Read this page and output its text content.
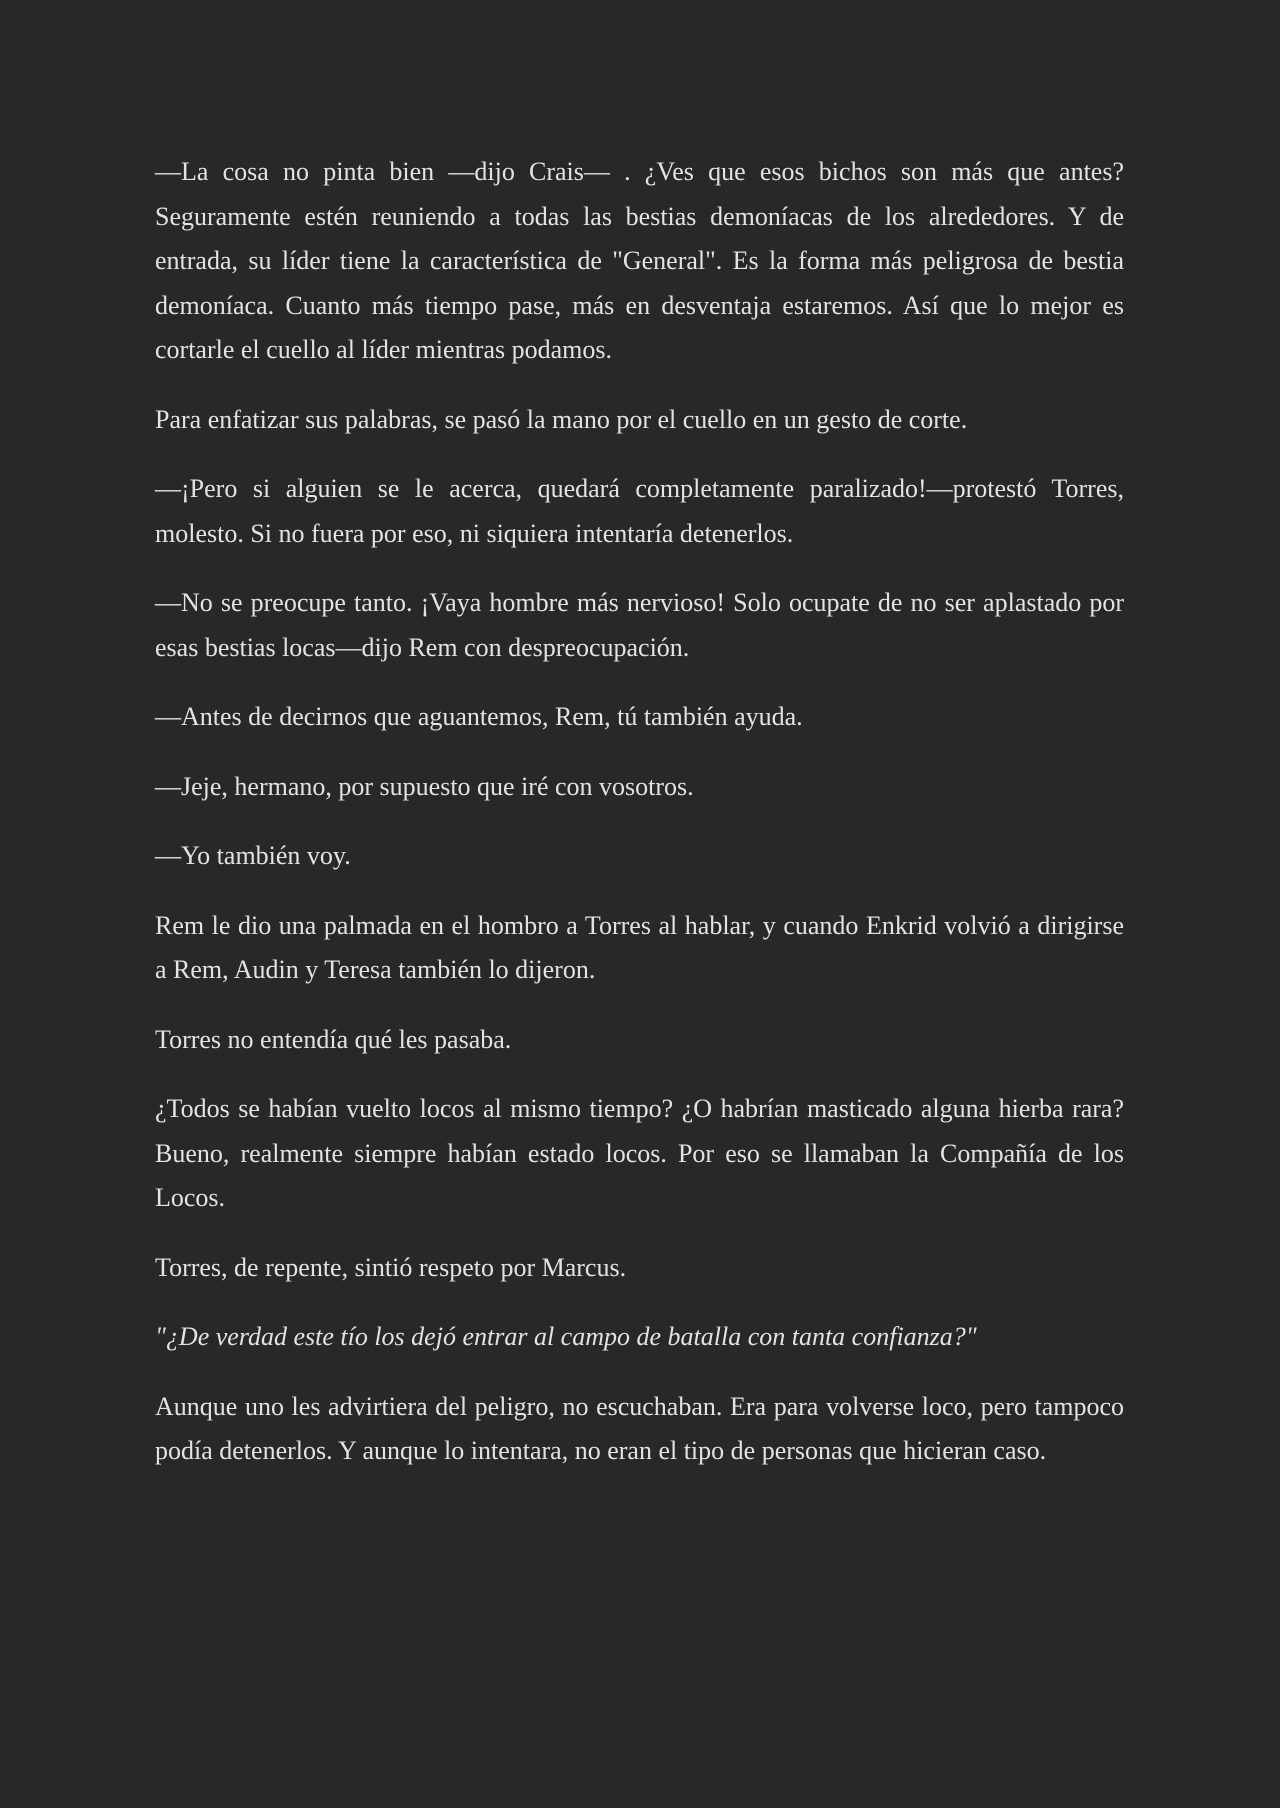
—La cosa no pinta bien —dijo Crais— . ¿Ves que esos bichos son más que antes? Seguramente estén reuniendo a todas las bestias demoníacas de los alrededores. Y de entrada, su líder tiene la característica de "General". Es la forma más peligrosa de bestia demoníaca. Cuanto más tiempo pase, más en desventaja estaremos. Así que lo mejor es cortarle el cuello al líder mientras podamos.

Para enfatizar sus palabras, se pasó la mano por el cuello en un gesto de corte.

—¡Pero si alguien se le acerca, quedará completamente paralizado!—protestó Torres, molesto. Si no fuera por eso, ni siquiera intentaría detenerlos.

—No se preocupe tanto. ¡Vaya hombre más nervioso! Solo ocupate de no ser aplastado por esas bestias locas—dijo Rem con despreocupación.

—Antes de decirnos que aguantemos, Rem, tú también ayuda.

—Jeje, hermano, por supuesto que iré con vosotros.

—Yo también voy.

Rem le dio una palmada en el hombro a Torres al hablar, y cuando Enkrid volvió a dirigirse a Rem, Audin y Teresa también lo dijeron.

Torres no entendía qué les pasaba.

¿Todos se habían vuelto locos al mismo tiempo? ¿O habrían masticado alguna hierba rara? Bueno, realmente siempre habían estado locos. Por eso se llamaban la Compañía de los Locos.

Torres, de repente, sintió respeto por Marcus.

"¿De verdad este tío los dejó entrar al campo de batalla con tanta confianza?"

Aunque uno les advirtiera del peligro, no escuchaban. Era para volverse loco, pero tampoco podía detenerlos. Y aunque lo intentara, no eran el tipo de personas que hicieran caso.
